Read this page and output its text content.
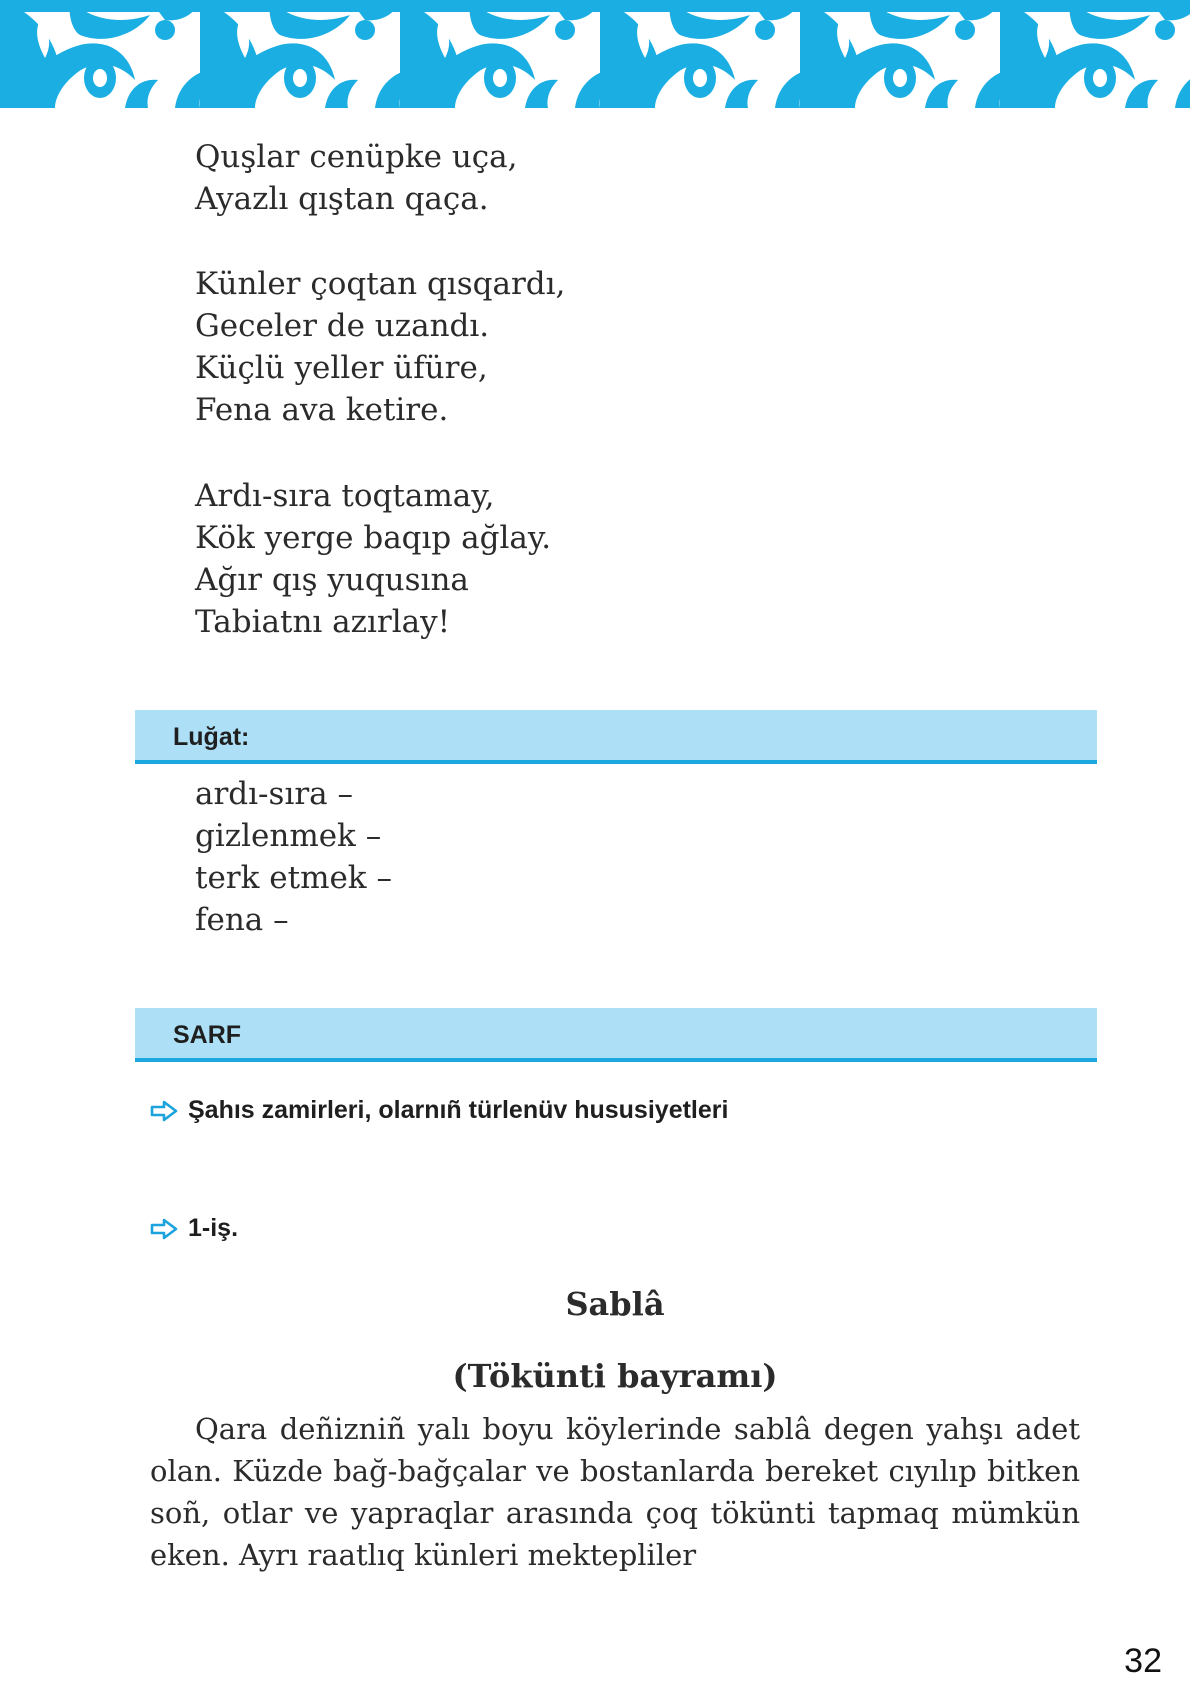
Quşlar cenüpke uça,
Ayazlı qıştan qaça.
Künler çoqtan qısqardı,
Geceler de uzandı.
Küçlü yeller üfüre,
Fena ava ketire.
Ardı-sıra toqtamay,
Kök yerge baqıp ağlay.
Ağır qış yuqusına
Tabiatnı azırlay!
Luğat:
ardı-sıra –
gizlenmek –
terk etmek –
fena –
SARF
Şahıs zamirleri, olarnıñ türlenüv hususiyetleri
1-iş.
Sablâ
(Tökünti bayramı)

Qara deñizniñ yalı boyu köylerinde sablâ degen yahşı adet olan. Küzde bağ-bağçalar ve bostanlarda bereket cıyılıp bitken soñ, otlar ve yapraqlar arasında çoq tökünti tapmaq mümkün eken. Ayrı raatlıq künleri mektepliler

32
